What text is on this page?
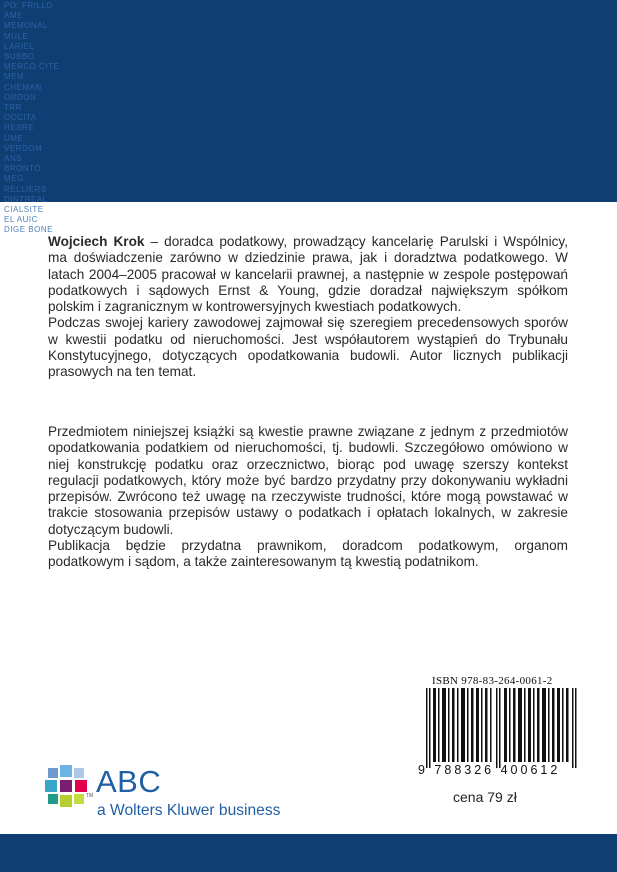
PO: FRILLO
AME
MEMONAL
MULE
LARIEL
SUBBO
MERCO CITE
MEM
CHEMAN
ORDON
TRR
OCCITA
HESRE
UME
VERDOM
ANS
BRONTO
MEG
RELLIERS
DINTREAL
CIALSITE
EL AUIC
DIGE BONE

Wojciech Krok – doradca podatkowy, prowadzący kancelarię Parulski i Wspólnicy, ma doświadczenie zarówno w dziedzinie prawa, jak i doradztwa podatkowego. W latach 2004–2005 pracował w kancelarii prawnej, a następnie w zespole postępowań podatkowych i sądowych Ernst & Young, gdzie doradzał największym spółkom polskim i zagranicznym w kontrowersyjnych kwestiach podatkowych.

Podczas swojej kariery zawodowej zajmował się szeregiem precedensowych sporów w kwestii podatku od nieruchomości. Jest współautorem wystąpień do Trybunału Konstytucyjnego, dotyczących opodatkowania budowli. Autor licznych publikacji prasowych na ten temat.

Przedmiotem niniejszej książki są kwestie prawne związane z jednym z przedmiotów opodatkowania podatkiem od nieruchomości, tj. budowli. Szczegółowo omówiono w niej konstrukcję podatku oraz orzecznictwo, biorąc pod uwagę szerszy kontekst regulacji podatkowych, który może być bardzo przydatny przy dokonywaniu wykładni przepisów. Zwrócono też uwagę na rzeczywiste trudności, które mogą powstawać w trakcie stosowania przepisów ustawy o podatkach i opłatach lokalnych, w zakresie dotyczącym budowli.

Publikacja będzie przydatna prawnikom, doradcom podatkowym, organom podatkowym i sądom, a także zainteresowanym tą kwestią podatnikom.

ISBN 978-83-264-0061-2
9 788326 400612
cena 79 zł
TM ABC
a Wolters Kluwer business
